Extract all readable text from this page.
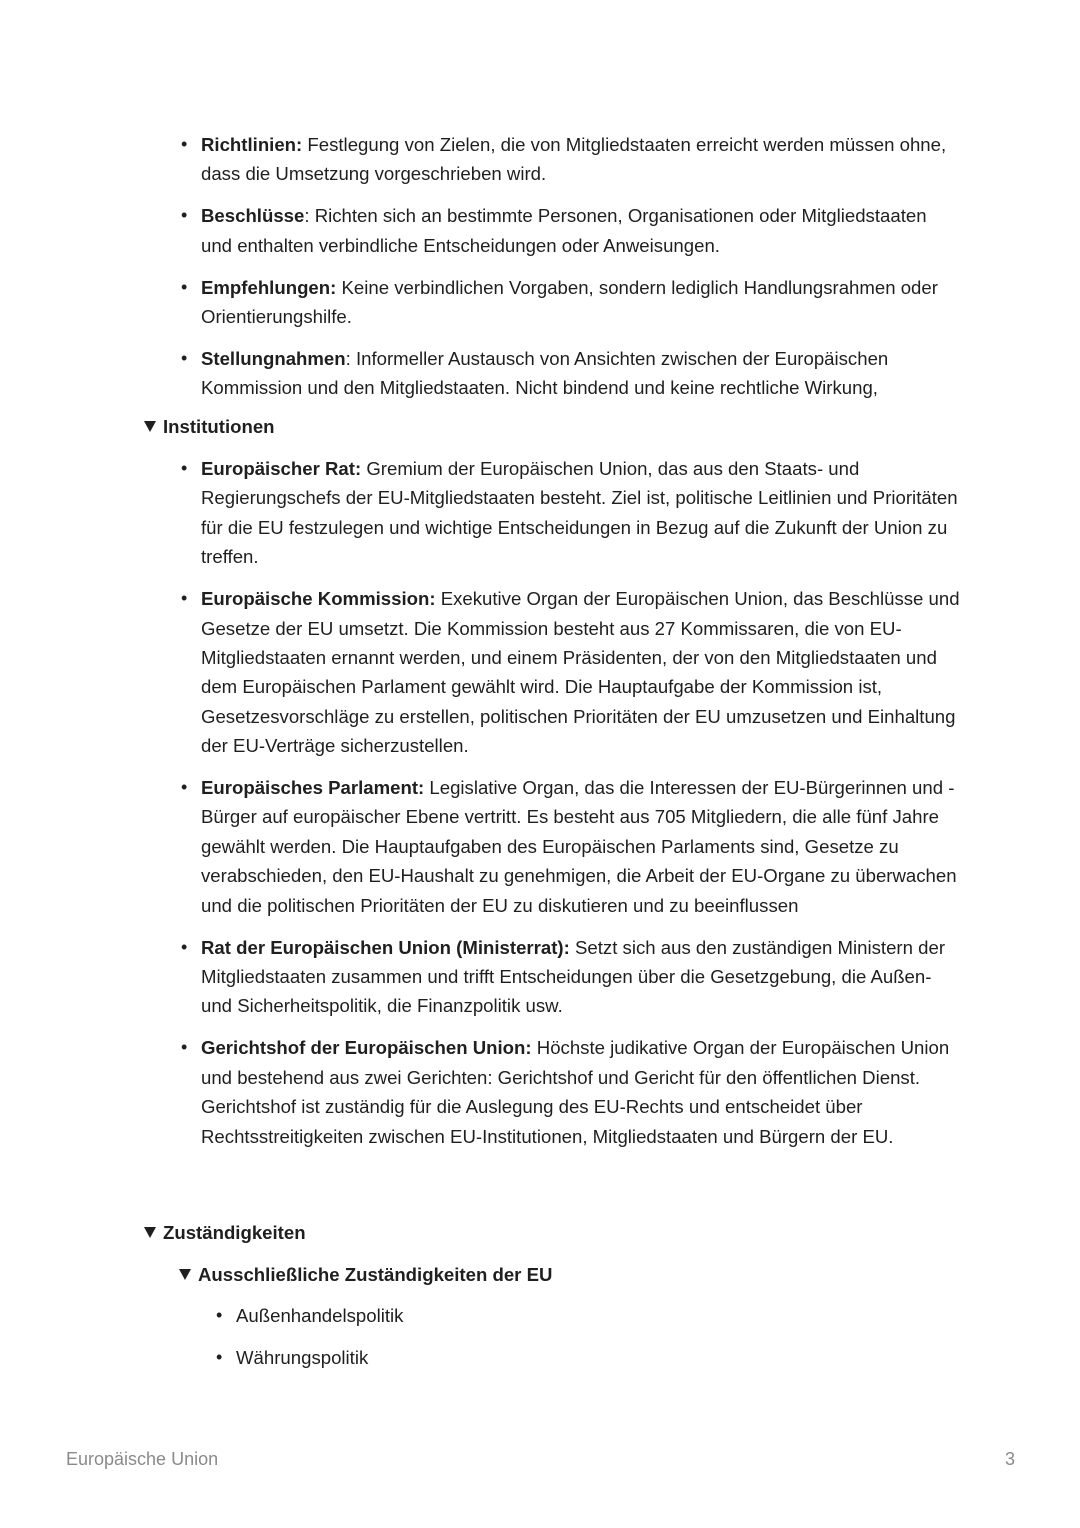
• Richtlinien: Festlegung von Zielen, die von Mitgliedstaaten erreicht werden müssen ohne, dass die Umsetzung vorgeschrieben wird.
• Beschlüsse: Richten sich an bestimmte Personen, Organisationen oder Mitgliedstaaten und enthalten verbindliche Entscheidungen oder Anweisungen.
• Empfehlungen: Keine verbindlichen Vorgaben, sondern lediglich Handlungsrahmen oder Orientierungshilfe.
• Stellungnahmen: Informeller Austausch von Ansichten zwischen der Europäischen Kommission und den Mitgliedstaaten. Nicht bindend und keine rechtliche Wirkung,
Institutionen
• Europäischer Rat: Gremium der Europäischen Union, das aus den Staats- und Regierungschefs der EU-Mitgliedstaaten besteht. Ziel ist, politische Leitlinien und Prioritäten für die EU festzulegen und wichtige Entscheidungen in Bezug auf die Zukunft der Union zu treffen.
• Europäische Kommission: Exekutive Organ der Europäischen Union, das Beschlüsse und Gesetze der EU umsetzt. Die Kommission besteht aus 27 Kommissaren, die von EU-Mitgliedstaaten ernannt werden, und einem Präsidenten, der von den Mitgliedstaaten und dem Europäischen Parlament gewählt wird. Die Hauptaufgabe der Kommission ist, Gesetzesvorschläge zu erstellen, politischen Prioritäten der EU umzusetzen und Einhaltung der EU-Verträge sicherzustellen.
• Europäisches Parlament: Legislative Organ, das die Interessen der EU-Bürgerinnen und -Bürger auf europäischer Ebene vertritt. Es besteht aus 705 Mitgliedern, die alle fünf Jahre gewählt werden. Die Hauptaufgaben des Europäischen Parlaments sind, Gesetze zu verabschieden, den EU-Haushalt zu genehmigen, die Arbeit der EU-Organe zu überwachen und die politischen Prioritäten der EU zu diskutieren und zu beeinflussen
• Rat der Europäischen Union (Ministerrat): Setzt sich aus den zuständigen Ministern der Mitgliedstaaten zusammen und trifft Entscheidungen über die Gesetzgebung, die Außen- und Sicherheitspolitik, die Finanzpolitik usw.
• Gerichtshof der Europäischen Union: Höchste judikative Organ der Europäischen Union und bestehend aus zwei Gerichten: Gerichtshof und Gericht für den öffentlichen Dienst. Gerichtshof ist zuständig für die Auslegung des EU-Rechts und entscheidet über Rechtsstreitigkeiten zwischen EU-Institutionen, Mitgliedstaaten und Bürgern der EU.
Zuständigkeiten
Ausschließliche Zuständigkeiten der EU
• Außenhandelspolitik
• Währungspolitik
Europäische Union	3
